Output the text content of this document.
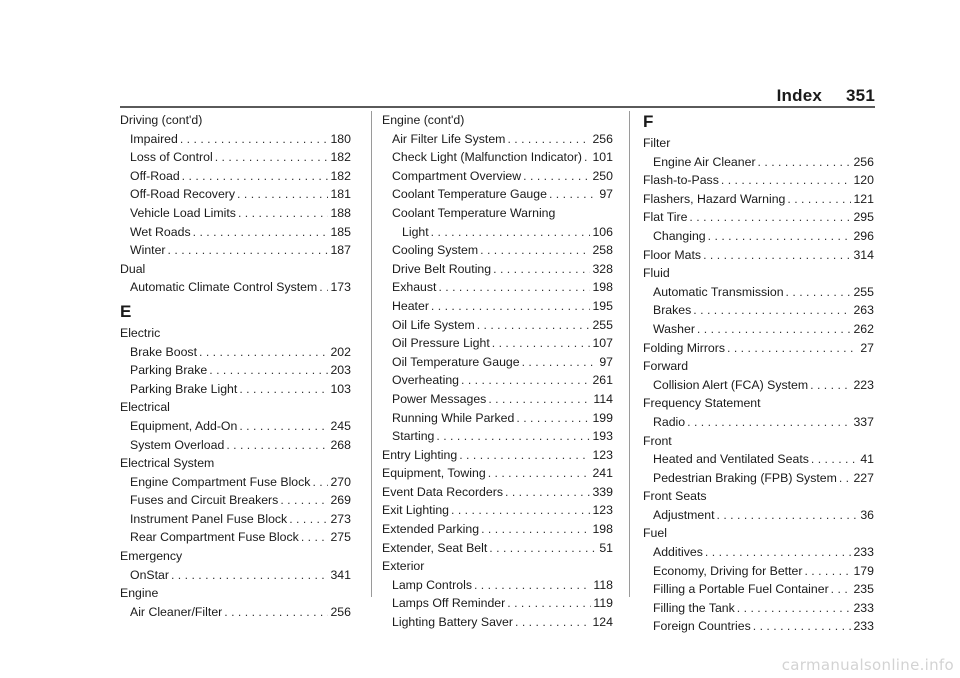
Index 351
Driving (cont'd)
Impaired . . .	180
Loss of Control . . .	182
Off-Road . . .	182
Off-Road Recovery . . .	181
Vehicle Load Limits . . .	188
Wet Roads . . .	185
Winter . . .	187
Dual
Automatic Climate Control System . . . 173
E
Electric
Brake Boost . . .	202
Parking Brake . . .	203
Parking Brake Light . . .	103
Electrical
Equipment, Add-On . . .	245
System Overload . . .	268
Electrical System
Engine Compartment Fuse Block . . . 270
Fuses and Circuit Breakers . . .	269
Instrument Panel Fuse Block . . .	273
Rear Compartment Fuse Block . . .	275
Emergency
OnStar . . .	341
Engine
Air Cleaner/Filter . . .	256
Engine (cont'd)
Air Filter Life System . . .	256
Check Light (Malfunction Indicator) . . . 101
Compartment Overview . . .	250
Coolant Temperature Gauge . . .	97
Coolant Temperature Warning
Light . . .	106
Cooling System . . .	258
Drive Belt Routing . . .	328
Exhaust . . .	198
Heater . . .	195
Oil Life System . . .	255
Oil Pressure Light . . .	107
Oil Temperature Gauge . . .	97
Overheating . . .	261
Power Messages . . .	114
Running While Parked . . .	199
Starting . . .	193
Entry Lighting . . .	123
Equipment, Towing . . .	241
Event Data Recorders . . .	339
Exit Lighting . . .	123
Extended Parking . . .	198
Extender, Seat Belt . . .	51
Exterior
Lamp Controls . . .	118
Lamps Off Reminder . . .	119
Lighting Battery Saver . . .	124
F
Filter
Engine Air Cleaner . . .	256
Flash-to-Pass . . .	120
Flashers, Hazard Warning . . .	121
Flat Tire . . .	295
Changing . . .	296
Floor Mats . . .	314
Fluid
Automatic Transmission . . .	255
Brakes . . .	263
Washer . . .	262
Folding Mirrors . . .	27
Forward
Collision Alert (FCA) System . . .	223
Frequency Statement
Radio . . .	337
Front
Heated and Ventilated Seats . . .	41
Pedestrian Braking (FPB) System . . . 227
Front Seats
Adjustment . . .	36
Fuel
Additives . . .	233
Economy, Driving for Better . . .	179
Filling a Portable Fuel Container . . . 235
Filling the Tank . . .	233
Foreign Countries . . .	233
carmanualsonline.info
